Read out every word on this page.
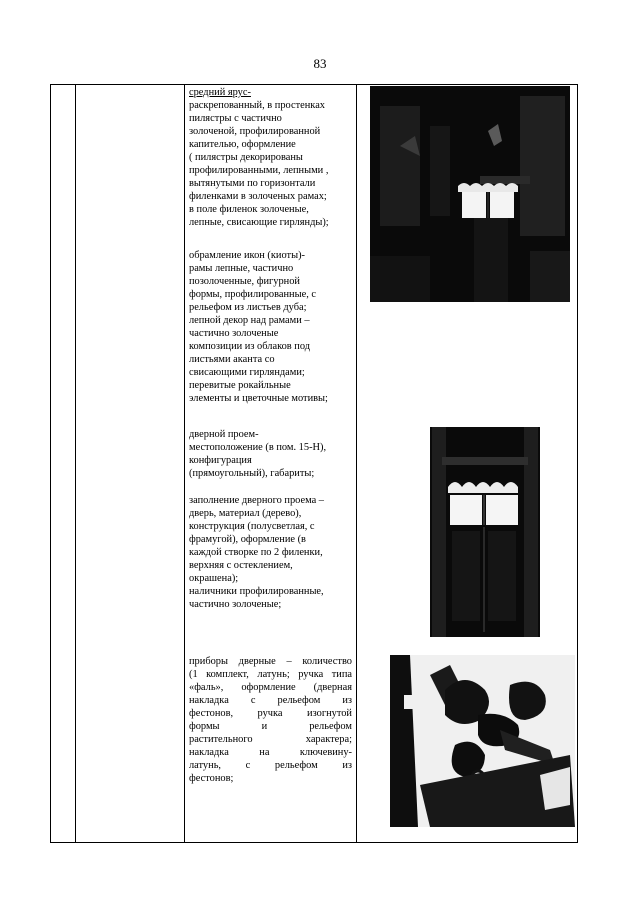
83
средний ярус-
раскрепованный, в простенках
пилястры с частично
золоченой, профилированной
капителью, оформление
( пилястры декорированы
профилированными, лепными ,
вытянутыми по горизонтали
филенками в золоченых рамах;
в поле филенок золоченые,
лепные, свисающие гирлянды);
обрамление икон (киоты)-
рамы лепные, частично
позолоченные, фигурной
формы, профилированные, с
рельефом из листьев дуба;
лепной декор над рамами –
частично золоченые
композиции из облаков под
листьями аканта со
свисающими гирляндами;
перевитые рокайльные
элементы и цветочные мотивы;
дверной проем-
местоположение (в пом. 15-Н),
конфигурация
(прямоугольный), габариты;
заполнение дверного проема –
дверь, материал (дерево),
конструкция (полусветлая, с
фрамугой), оформление (в
каждой створке по 2 филенки,
верхняя с остеклением,
окрашена);
наличники профилированные,
частично золоченые;
приборы дверные – количество
(1 комплект, латунь; ручка типа
«фаль», оформление (дверная
накладка с рельефом из
фестонов, ручка изогнутой
формы и рельефом
растительного характера;
накладка на ключевину-
латунь, с рельефом из
фестонов;
